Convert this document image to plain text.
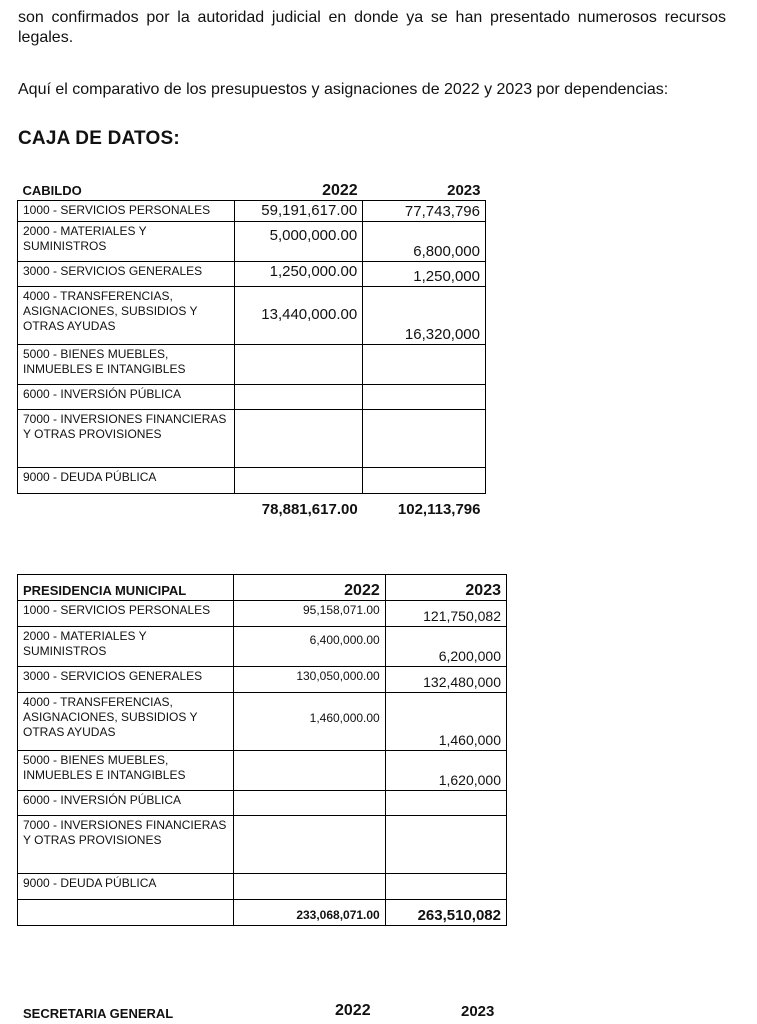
son confirmados por la autoridad judicial en donde ya se han presentado numerosos recursos legales.
Aquí el comparativo de los presupuestos y asignaciones de 2022 y 2023 por dependencias:
CAJA DE DATOS:
CABILDO	2022	2023
1000 - SERVICIOS PERSONALES	59,191,617.00	77,743,796
2000 - MATERIALES Y SUMINISTROS	5,000,000.00	6,800,000
3000 - SERVICIOS GENERALES	1,250,000.00	1,250,000
4000 - TRANSFERENCIAS, ASIGNACIONES, SUBSIDIOS Y OTRAS AYUDAS	13,440,000.00	16,320,000
5000 - BIENES MUEBLES, INMUEBLES E INTANGIBLES		
6000 - INVERSIÓN PÚBLICA		
7000 - INVERSIONES FINANCIERAS Y OTRAS PROVISIONES		
9000 - DEUDA PÚBLICA		
	78,881,617.00	102,113,796
PRESIDENCIA MUNICIPAL	2022	2023
1000 - SERVICIOS PERSONALES	95,158,071.00	121,750,082
2000 - MATERIALES Y SUMINISTROS	6,400,000.00	6,200,000
3000 - SERVICIOS GENERALES	130,050,000.00	132,480,000
4000 - TRANSFERENCIAS, ASIGNACIONES, SUBSIDIOS Y OTRAS AYUDAS	1,460,000.00	1,460,000
5000 - BIENES MUEBLES, INMUEBLES E INTANGIBLES		1,620,000
6000 - INVERSIÓN PÚBLICA		
7000 - INVERSIONES FINANCIERAS Y OTRAS PROVISIONES		
9000 - DEUDA PÚBLICA		
	233,068,071.00	263,510,082
SECRETARIA GENERAL	2022	2023
